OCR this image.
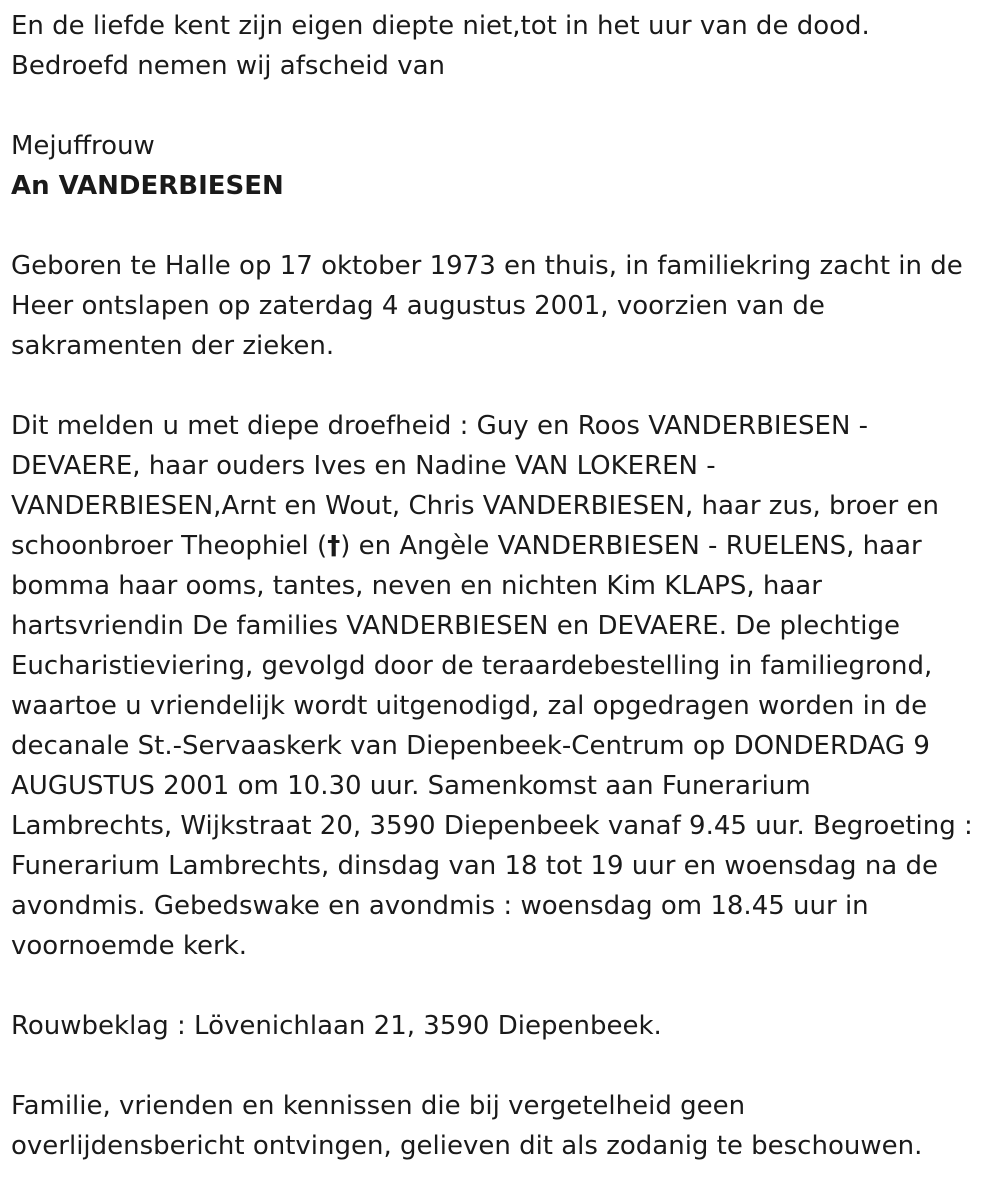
En de liefde kent zijn eigen diepte niet,tot in het uur van de dood.
Bedroefd nemen wij afscheid van
Mejuffrouw
An VANDERBIESEN
Geboren te Halle op 17 oktober 1973 en thuis, in familiekring zacht in de
Heer ontslapen op zaterdag 4 augustus 2001, voorzien van de
sakramenten der zieken.
Dit melden u met diepe droefheid : Guy en Roos VANDERBIESEN -
DEVAERE, haar ouders Ives en Nadine VAN LOKEREN -
VANDERBIESEN,Arnt en Wout, Chris VANDERBIESEN, haar zus, broer en
schoonbroer Theophiel (†) en Angèle VANDERBIESEN - RUELENS, haar
bomma haar ooms, tantes, neven en nichten Kim KLAPS, haar
hartsvriendin De families VANDERBIESEN en DEVAERE. De plechtige
Eucharistieviering, gevolgd door de teraardebestelling in familiegrond,
waartoe u vriendelijk wordt uitgenodigd, zal opgedragen worden in de
decanale St.-Servaaskerk van Diepenbeek-Centrum op DONDERDAG 9
AUGUSTUS 2001 om 10.30 uur. Samenkomst aan Funerarium
Lambrechts, Wijkstraat 20, 3590 Diepenbeek vanaf 9.45 uur. Begroeting :
Funerarium Lambrechts, dinsdag van 18 tot 19 uur en woensdag na de
avondmis. Gebedswake en avondmis : woensdag om 18.45 uur in
voornoemde kerk.
Rouwbeklag : Lövenichlaan 21, 3590 Diepenbeek.
Familie, vrienden en kennissen die bij vergetelheid geen
overlijdensbericht ontvingen, gelieven dit als zodanig te beschouwen.
